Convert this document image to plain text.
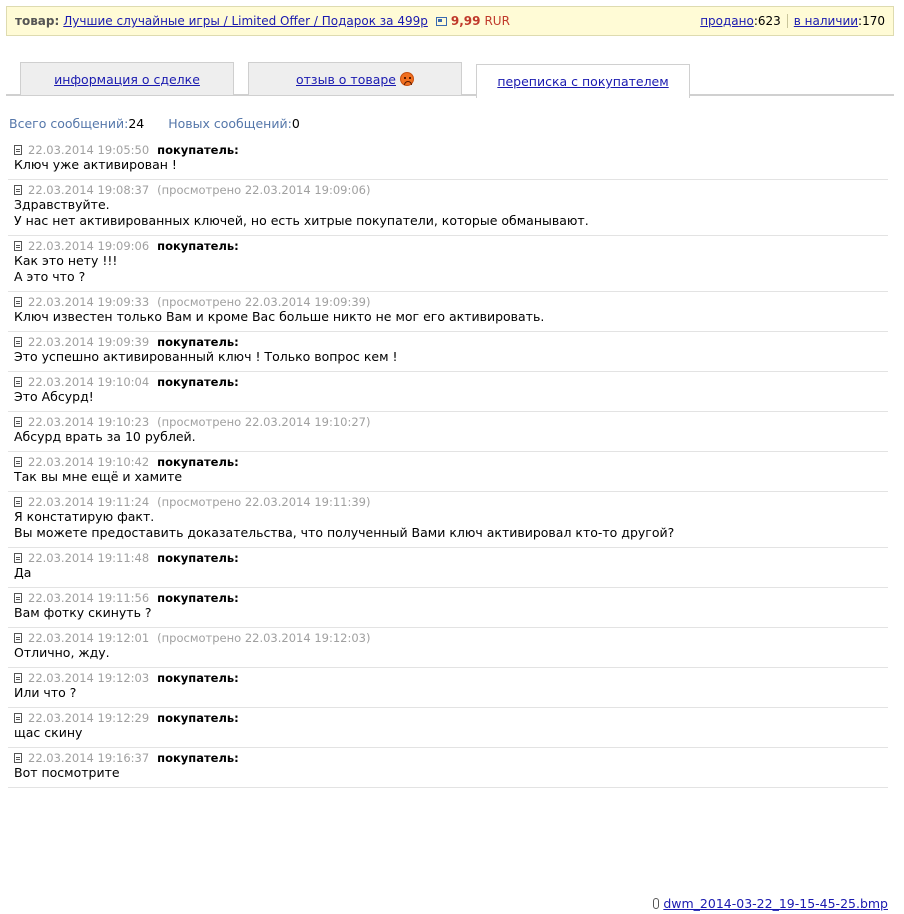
товар: Лучшие случайные игры / Limited Offer / Подарок за 499р 9,99 RUR	продано :623 в наличии :170
информация о сделке	отзыв о товаре	переписка с покупателем
Всего сообщений:24 Новых сообщений:0
22.03.2014 19:05:50 покупатель:
Ключ уже активирован !
22.03.2014 19:08:37 (просмотрено 22.03.2014 19:09:06)
Здравствуйте.
У нас нет активированных ключей, но есть хитрые покупатели, которые обманывают.
22.03.2014 19:09:06 покупатель:
Как это нету !!!
А это что ?
22.03.2014 19:09:33 (просмотрено 22.03.2014 19:09:39)
Ключ известен только Вам и кроме Вас больше никто не мог его активировать.
22.03.2014 19:09:39 покупатель:
Это успешно активированный ключ ! Только вопрос кем !
22.03.2014 19:10:04 покупатель:
Это Абсурд!
22.03.2014 19:10:23 (просмотрено 22.03.2014 19:10:27)
Абсурд врать за 10 рублей.
22.03.2014 19:10:42 покупатель:
Так вы мне ещё и хамите
22.03.2014 19:11:24 (просмотрено 22.03.2014 19:11:39)
Я констатирую факт.
Вы можете предоставить доказательства, что полученный Вами ключ активировал кто-то другой?
22.03.2014 19:11:48 покупатель:
Да
22.03.2014 19:11:56 покупатель:
Вам фотку скинуть ?
22.03.2014 19:12:01 (просмотрено 22.03.2014 19:12:03)
Отлично, жду.
22.03.2014 19:12:03 покупатель:
Или что ?
22.03.2014 19:12:29 покупатель:
щас скину
22.03.2014 19:16:37 покупатель:
Вот посмотрите
dwm_2014-03-22_19-15-45-25.bmp
